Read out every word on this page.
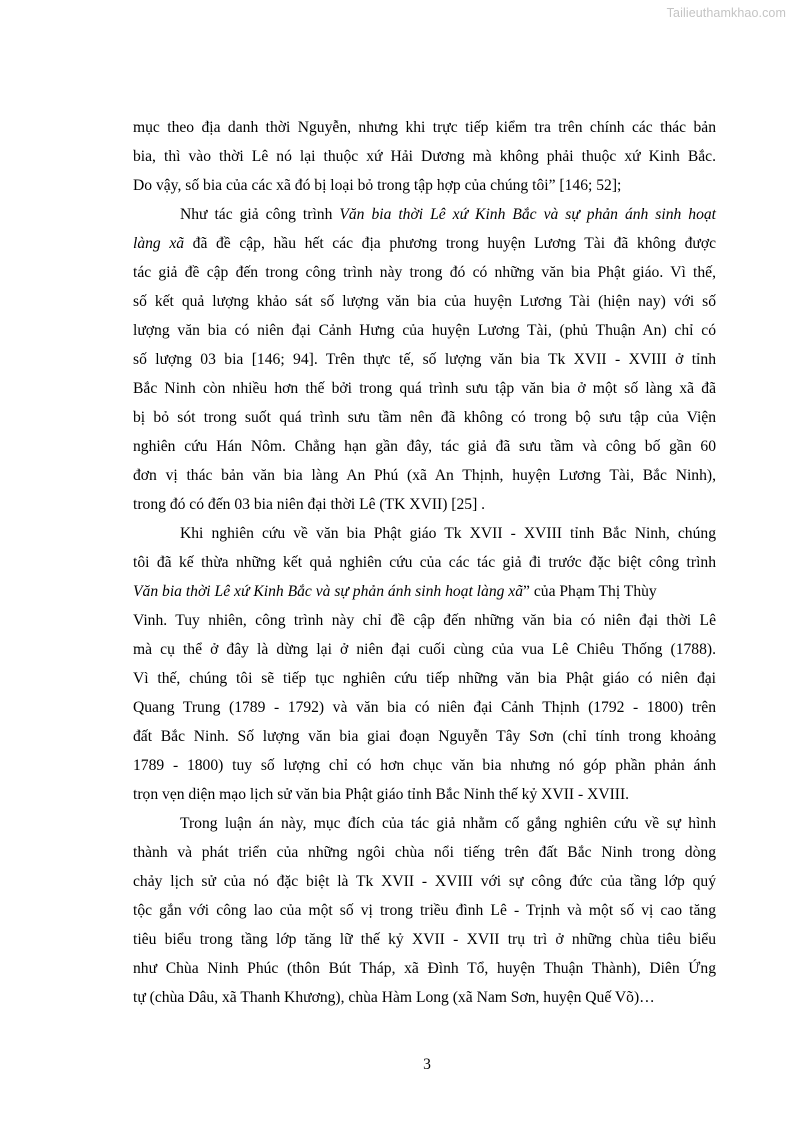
Tailieuthamkhao.com
mục theo địa danh thời Nguyễn, nhưng khi trực tiếp kiểm tra trên chính các thác bản
bia, thì vào thời Lê nó lại thuộc xứ Hải Dương mà không phải thuộc xứ Kinh Bắc.
Do vậy, số bia của các xã đó bị loại bỏ trong tập hợp của chúng tôi” [146; 52];
Như tác giả công trình Văn bia thời Lê xứ Kinh Bắc và sự phản ánh sinh hoạt
làng xã đã đề cập, hầu hết các địa phương trong huyện Lương Tài đã không được
tác giả đề cập đến trong công trình này trong đó có những văn bia Phật giáo. Vì thế,
số kết quả lượng khảo sát số lượng văn bia của huyện Lương Tài (hiện nay) với số
lượng văn bia có niên đại Cảnh Hưng của huyện Lương Tài, (phủ Thuận An) chỉ có
số lượng 03 bia [146; 94]. Trên thực tế, số lượng văn bia Tk XVII - XVIII ở tỉnh
Bắc Ninh còn nhiều hơn thế bởi trong quá trình sưu tập văn bia ở một số làng xã đã
bị bỏ sót trong suốt quá trình sưu tầm nên đã không có trong bộ sưu tập của Viện
nghiên cứu Hán Nôm. Chẳng hạn gần đây, tác giả đã sưu tầm và công bố gần 60
đơn vị thác bản văn bia làng An Phú (xã An Thịnh, huyện Lương Tài, Bắc Ninh),
trong đó có đến 03 bia niên đại thời Lê (TK XVII) [25] .
Khi nghiên cứu về văn bia Phật giáo Tk XVII - XVIII tỉnh Bắc Ninh, chúng
tôi đã kế thừa những kết quả nghiên cứu của các tác giả đi trước đặc biệt công trình
Văn bia thời Lê xứ Kinh Bắc và sự phản ánh sinh hoạt làng xã” của Phạm Thị Thùy
Vinh. Tuy nhiên, công trình này chỉ đề cập đến những văn bia có niên đại thời Lê
mà cụ thể ở đây là dừng lại ở niên đại cuối cùng của vua Lê Chiêu Thống (1788).
Vì thế, chúng tôi sẽ tiếp tục nghiên cứu tiếp những văn bia Phật giáo có niên đại
Quang Trung (1789 - 1792) và văn bia có niên đại Cảnh Thịnh (1792 - 1800) trên
đất Bắc Ninh. Số lượng văn bia giai đoạn Nguyễn Tây Sơn (chỉ tính trong khoảng
1789 - 1800) tuy số lượng chỉ có hơn chục văn bia nhưng nó góp phần phản ánh
trọn vẹn diện mạo lịch sử văn bia Phật giáo tỉnh Bắc Ninh thế kỷ XVII - XVIII.
Trong luận án này, mục đích của tác giả nhằm cố gắng nghiên cứu về sự hình
thành và phát triển của những ngôi chùa nổi tiếng trên đất Bắc Ninh trong dòng
chảy lịch sử của nó đặc biệt là Tk XVII - XVIII với sự công đức của tầng lớp quý
tộc gắn với công lao của một số vị trong triều đình Lê - Trịnh và một số vị cao tăng
tiêu biểu trong tầng lớp tăng lữ thế kỷ XVII - XVII trụ trì ở những chùa tiêu biểu
như Chùa Ninh Phúc (thôn Bút Tháp, xã Đình Tổ, huyện Thuận Thành), Diên Ứng
tự (chùa Dâu, xã Thanh Khương), chùa Hàm Long (xã Nam Sơn, huyện Quế Võ)…
3
